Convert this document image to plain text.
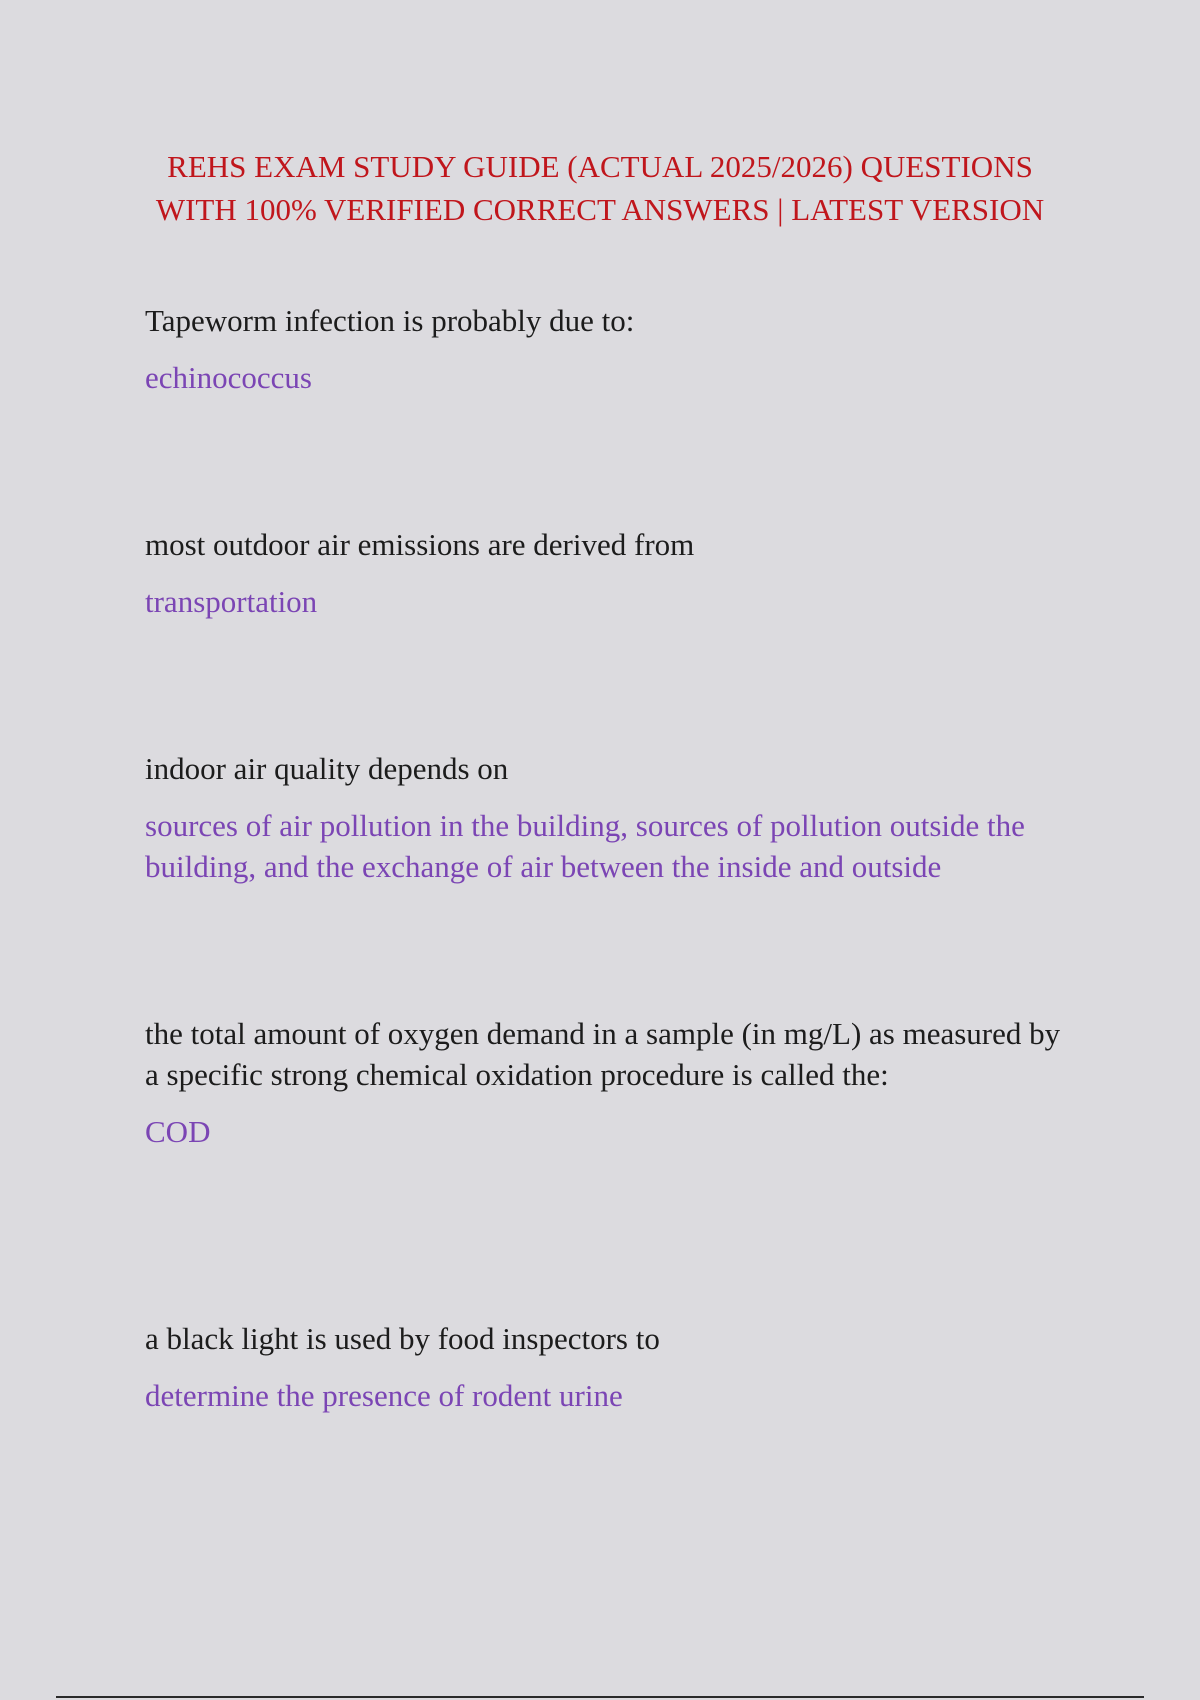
REHS EXAM STUDY GUIDE (ACTUAL 2025/2026) QUESTIONS
WITH 100% VERIFIED CORRECT ANSWERS | LATEST VERSION

Tapeworm infection is probably due to:

echinococcus

most outdoor air emissions are derived from

transportation

indoor air quality depends on

sources of air pollution in the building, sources of pollution outside the building, and the exchange of air between the inside and outside

the total amount of oxygen demand in a sample (in mg/L) as measured by a specific strong chemical oxidation procedure is called the:

COD

a black light is used by food inspectors to

determine the presence of rodent urine
